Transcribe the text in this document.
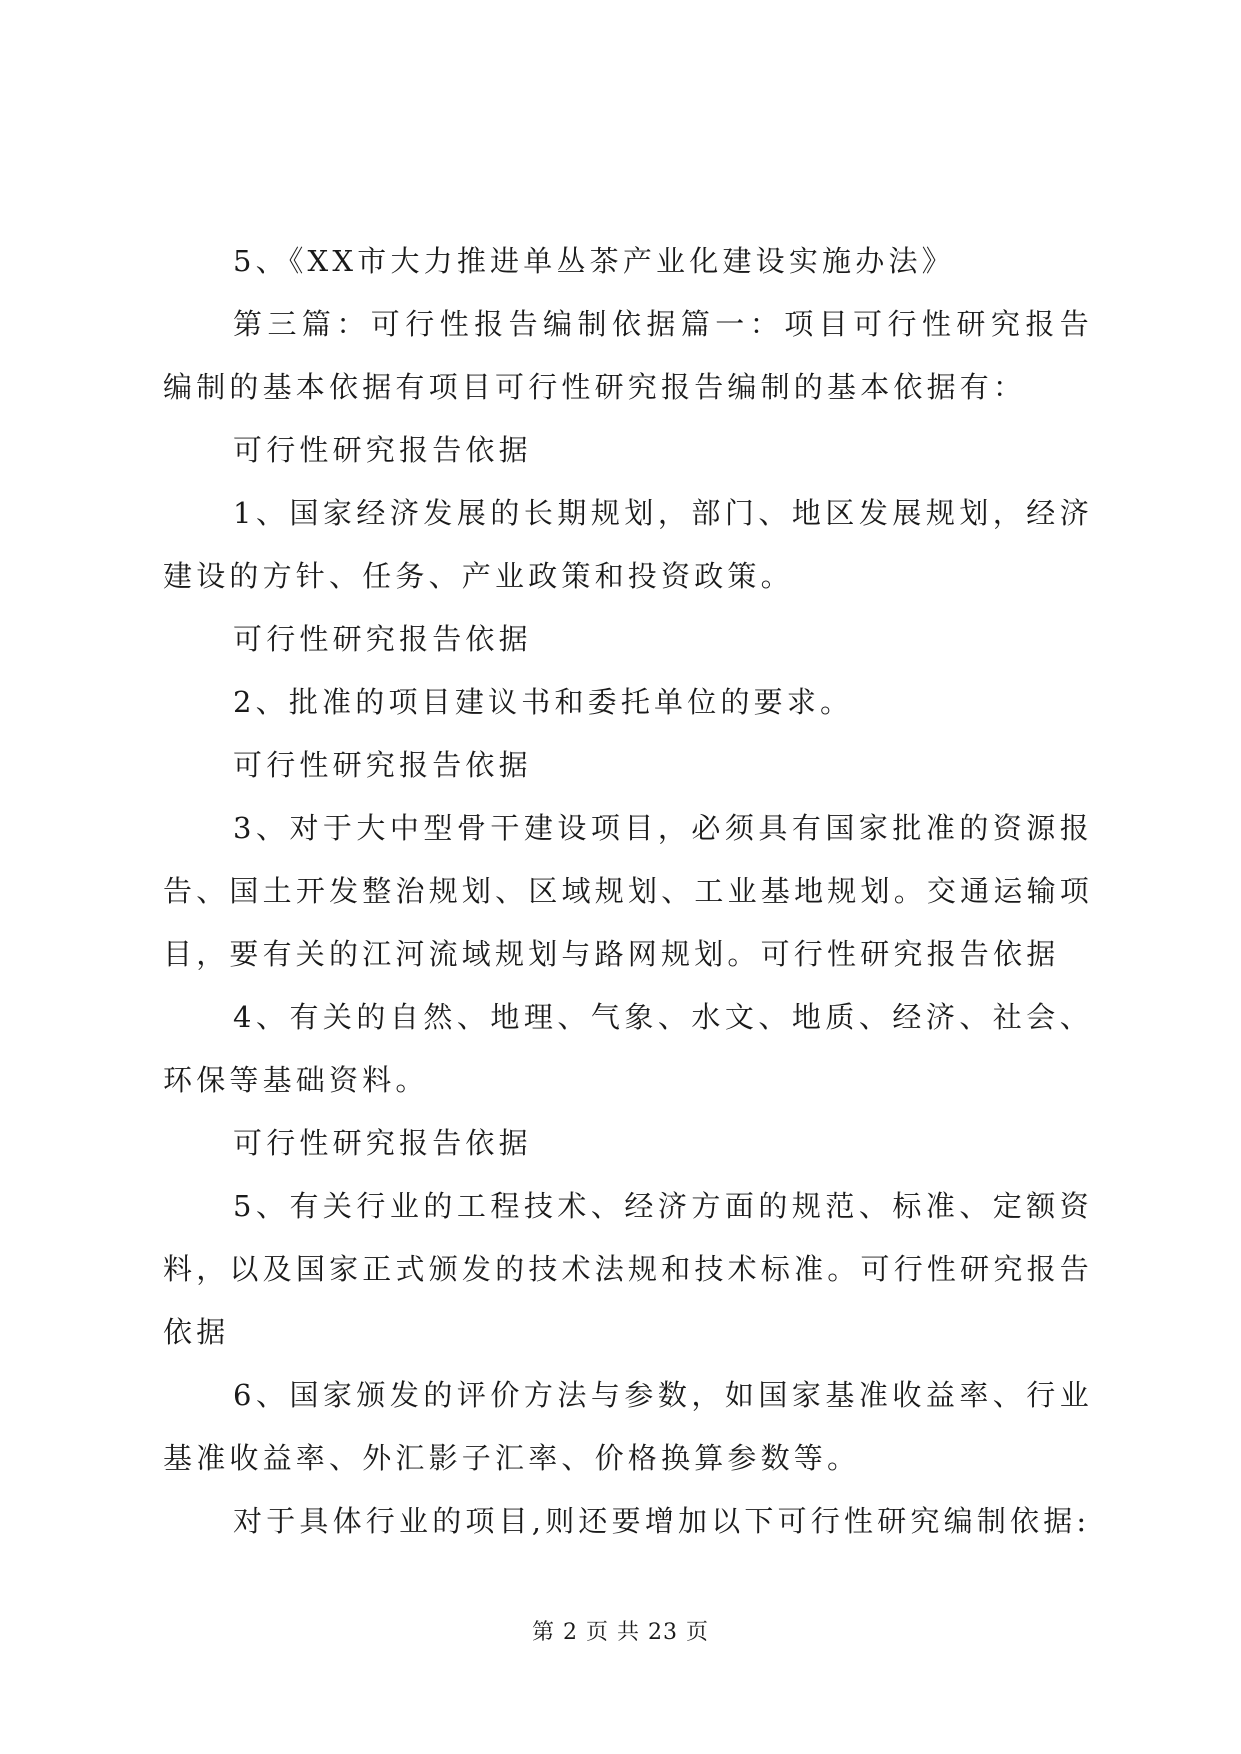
5、《XX市大力推进单丛茶产业化建设实施办法》

第三篇：可行性报告编制依据篇一：项目可行性研究报告编制的基本依据有项目可行性研究报告编制的基本依据有：

可行性研究报告依据

1、国家经济发展的长期规划，部门、地区发展规划，经济建设的方针、任务、产业政策和投资政策。

可行性研究报告依据

2、批准的项目建议书和委托单位的要求。

可行性研究报告依据

3、对于大中型骨干建设项目，必须具有国家批准的资源报告、国土开发整治规划、区域规划、工业基地规划。交通运输项目，要有关的江河流域规划与路网规划。可行性研究报告依据

4、有关的自然、地理、气象、水文、地质、经济、社会、环保等基础资料。

可行性研究报告依据

5、有关行业的工程技术、经济方面的规范、标准、定额资料，以及国家正式颁发的技术法规和技术标准。可行性研究报告依据

6、国家颁发的评价方法与参数，如国家基准收益率、行业基准收益率、外汇影子汇率、价格换算参数等。

对于具体行业的项目,则还要增加以下可行性研究编制依据:

第 2 页 共 23 页
